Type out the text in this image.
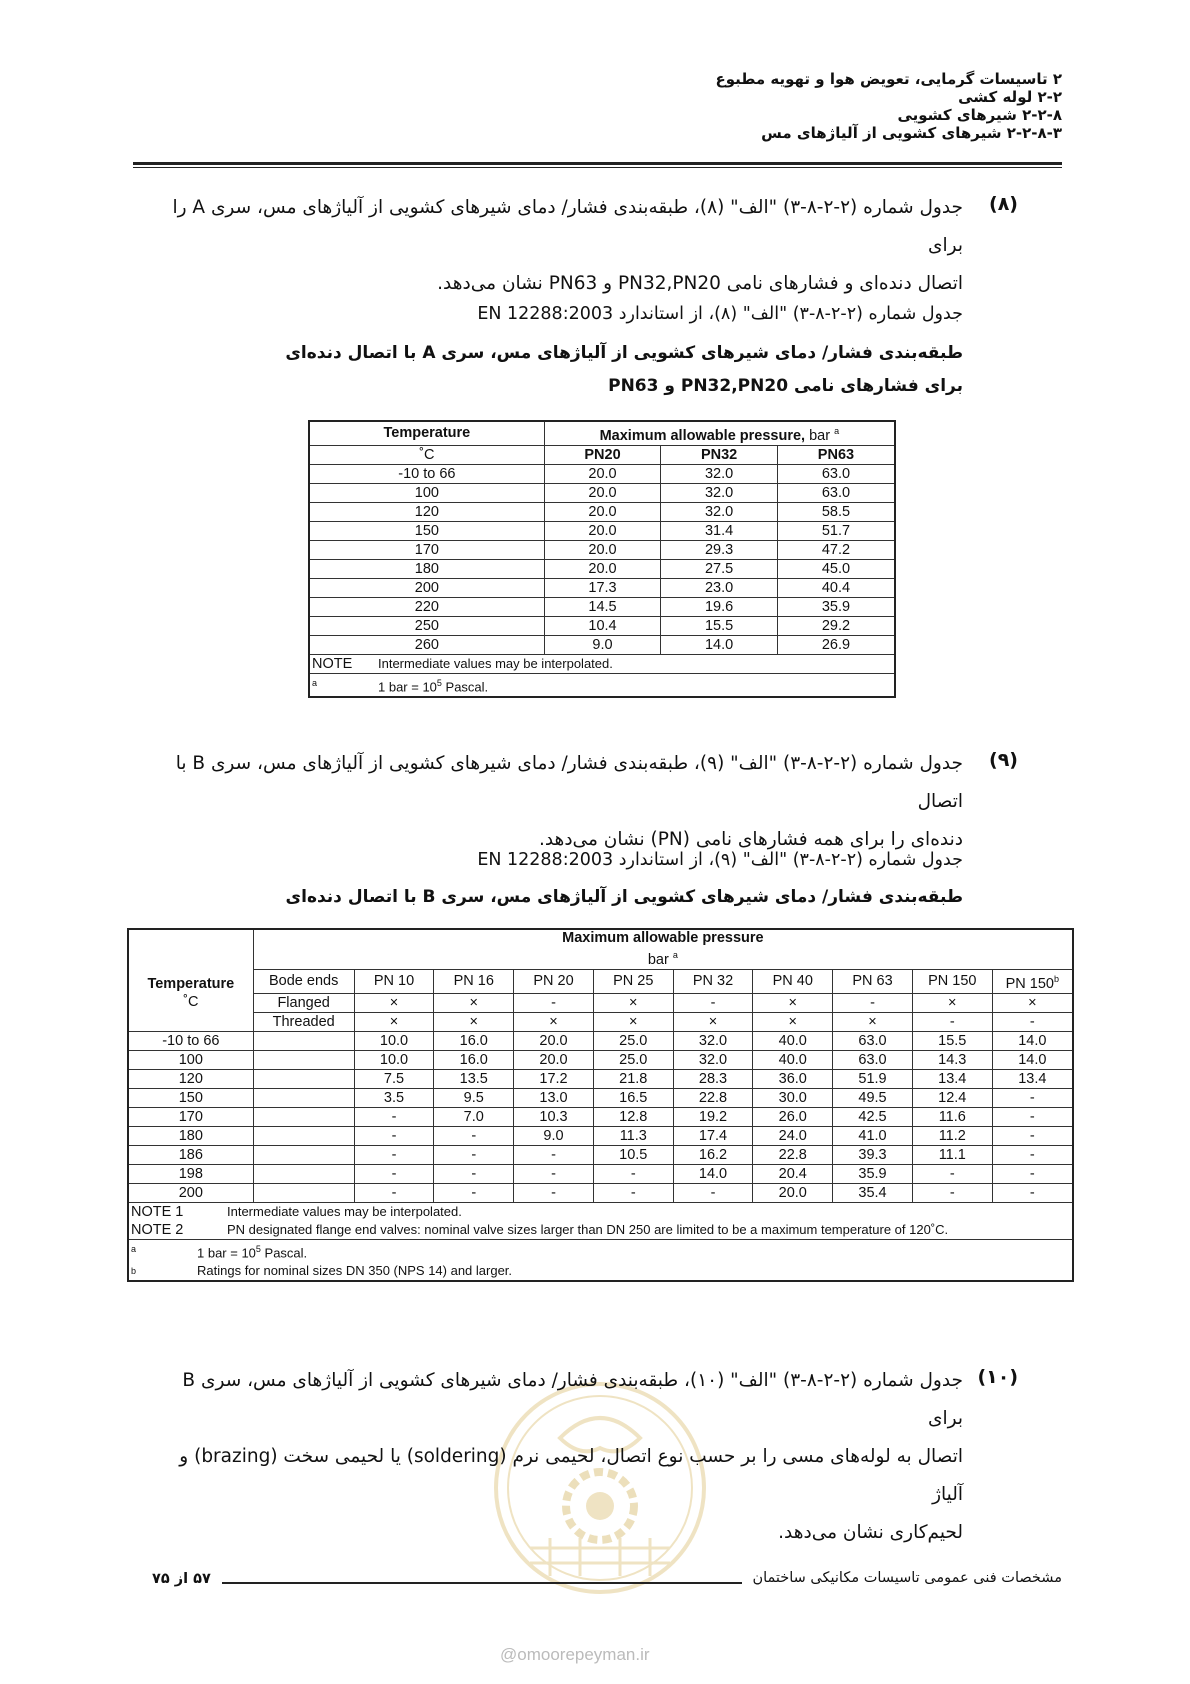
۲ تاسیسات گرمایی، تعویض هوا و تهویه مطبوع
۲-۲ لوله کشی
۲-۲-۸ شیرهای کشویی
۲-۲-۸-۳ شیرهای کشویی از آلیاژهای مس
(۸)
جدول شماره (۲-۲-۸-۳) "الف" (۸)، طبقه‌بندی فشار/ دمای شیرهای کشویی از آلیاژهای مس، سری A را برای
اتصال دنده‌ای و فشارهای نامی PN32,PN20 و PN63 نشان می‌دهد.
جدول شماره (۲-۲-۸-۳) "الف" (۸)، از استاندارد EN 12288:2003
طبقه‌بندی فشار/ دمای شیرهای کشویی از آلیاژهای مس، سری A با اتصال دنده‌ای
برای فشارهای نامی PN32,PN20 و PN63
Temperature	Maximum allowable pressure, bar $^a$
˚C	PN20	PN32	PN63
-10 to 66	20.0	32.0	63.0
100	20.0	32.0	63.0
120	20.0	32.0	58.5
150	20.0	31.4	51.7
170	20.0	29.3	47.2
180	20.0	27.5	45.0
200	17.3	23.0	40.4
220	14.5	19.6	35.9
250	10.4	15.5	29.2
260	9.0	14.0	26.9
NOTE Intermediate values may be interpolated.			
a 1 bar = $10^5$ Pascal.			
(۹)
جدول شماره (۲-۲-۸-۳) "الف" (۹)، طبقه‌بندی فشار/ دمای شیرهای کشویی از آلیاژهای مس، سری B با اتصال
دنده‌ای را برای همه فشارهای نامی (PN) نشان می‌دهد.
جدول شماره (۲-۲-۸-۳) "الف" (۹)، از استاندارد EN 12288:2003
طبقه‌بندی فشار/ دمای شیرهای کشویی از آلیاژهای مس، سری B با اتصال دنده‌ای
Temperature	Maximum allowable pressure
bar $^a$

	Bode ends	PN 10	PN 16	PN 20	PN 25	PN 32	PN 40	PN 63	PN 150	PN 150$^b$
˚C	Flanged	×	×	-	×	-	×	-	×	×
	Threaded	×	×	×	×	×	×	×	-	-
-10 to 66		10.0	16.0	20.0	25.0	32.0	40.0	63.0	15.5	14.0
100		10.0	16.0	20.0	25.0	32.0	40.0	63.0	14.3	14.0
120		7.5	13.5	17.2	21.8	28.3	36.0	51.9	13.4	13.4
150		3.5	9.5	13.0	16.5	22.8	30.0	49.5	12.4	-
170		-	7.0	10.3	12.8	19.2	26.0	42.5	11.6	-
180		-	-	9.0	11.3	17.4	24.0	41.0	11.2	-
186		-	-	-	10.5	16.2	22.8	39.3	11.1	-
198		-	-	-	-	14.0	20.4	35.9	-	-
200		-	-	-	-	-	20.0	35.4	-	-
NOTE 1 Intermediate values may be interpolated.										
NOTE 2 PN designated flange end valves: nominal valve sizes larger than DN 250 are limited to be a maximum temperature of 120˚C.										
a 1 bar = $10^5$ Pascal.										
b Ratings for nominal sizes DN 350 (NPS 14) and larger.										
(۱۰)
جدول شماره (۲-۲-۸-۳) "الف" (۱۰)، طبقه‌بندی فشار/ دمای شیرهای کشویی از آلیاژهای مس، سری B برای
اتصال به لوله‌های مسی را بر حسب نوع اتصال، لحیمی نرم (soldering) یا لحیمی سخت (brazing) و آلیاژ
لحیم‌کاری نشان می‌دهد.
مشخصات فنی عمومی تاسیسات مکانیکی ساختمان
۵۷ از ۷۵
@omoorepeyman.ir
